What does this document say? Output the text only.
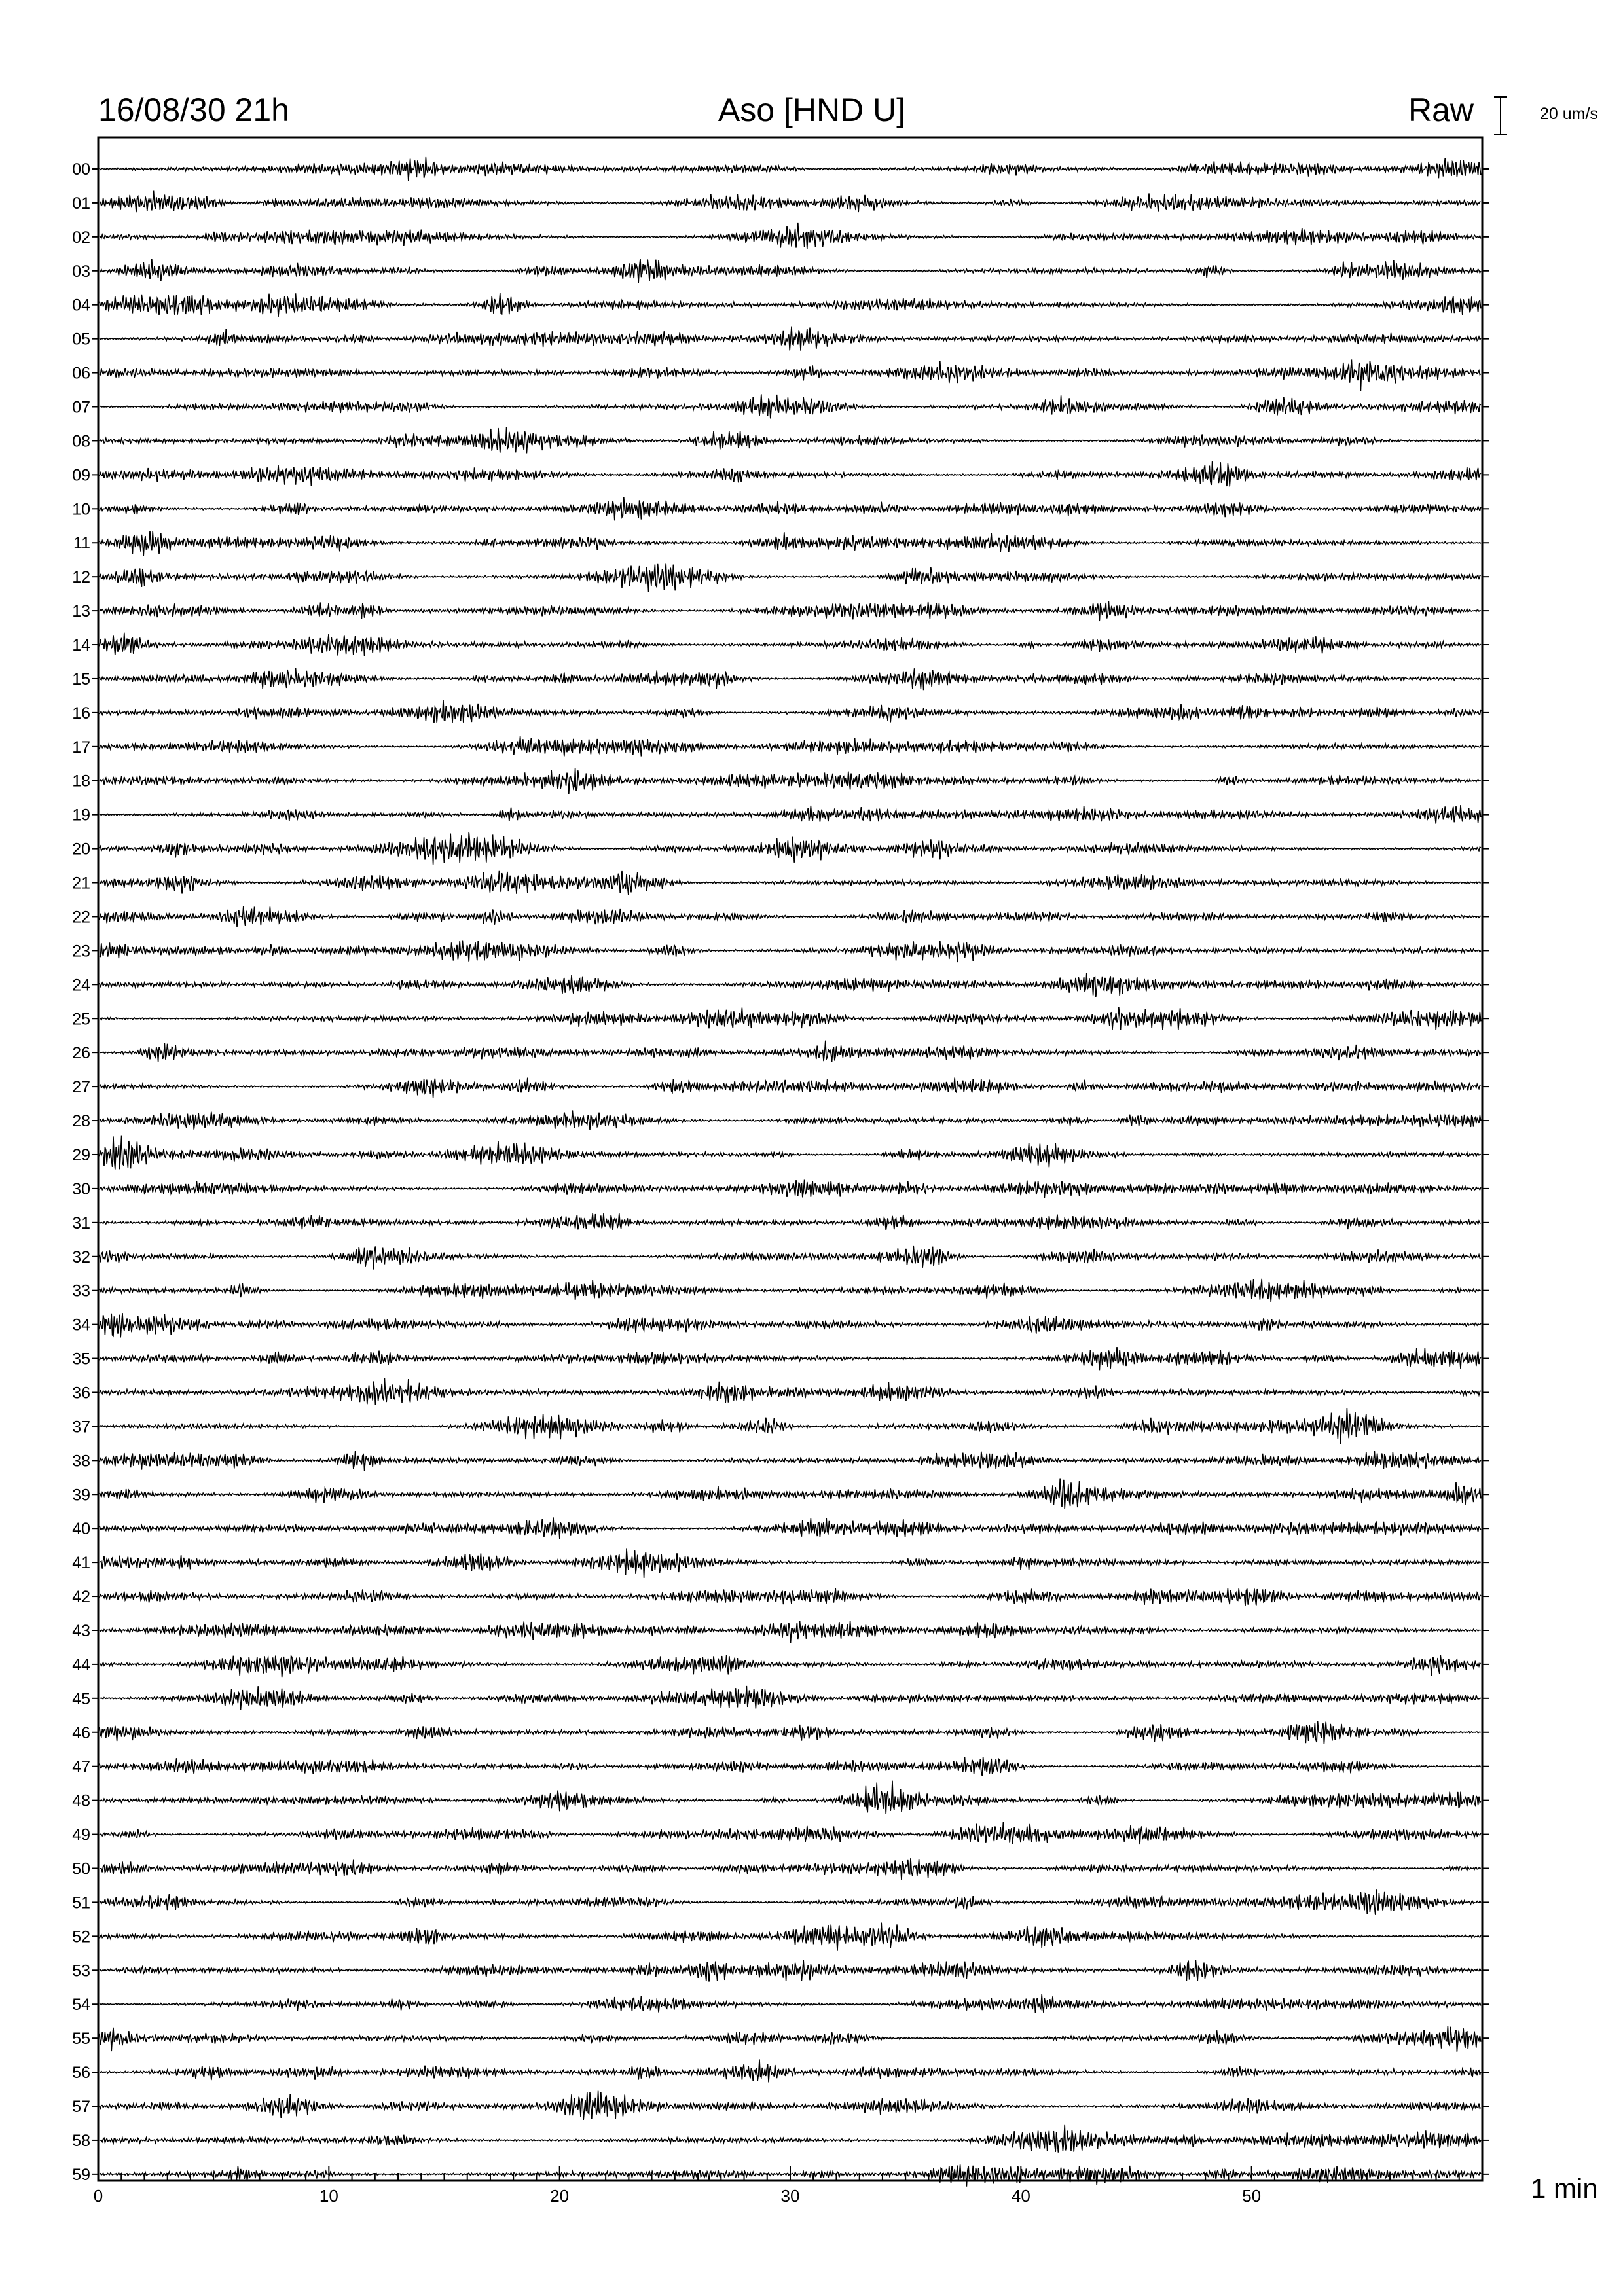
0	10	20	30	40	50
00
01
02
03
04
05
06
07
08
09
10
11
12
13
14
15
16
17
18
19
20
21
22
23
24
25
26
27
28
29
30
31
32
33
34
35
36
37
38
39
40
41
42
43
44
45
46
47
48
49
50
51
52
53
54
55
56
57
58
59
16/08/30 21h	Aso [HND U]	Raw	20 um/s
1 min
